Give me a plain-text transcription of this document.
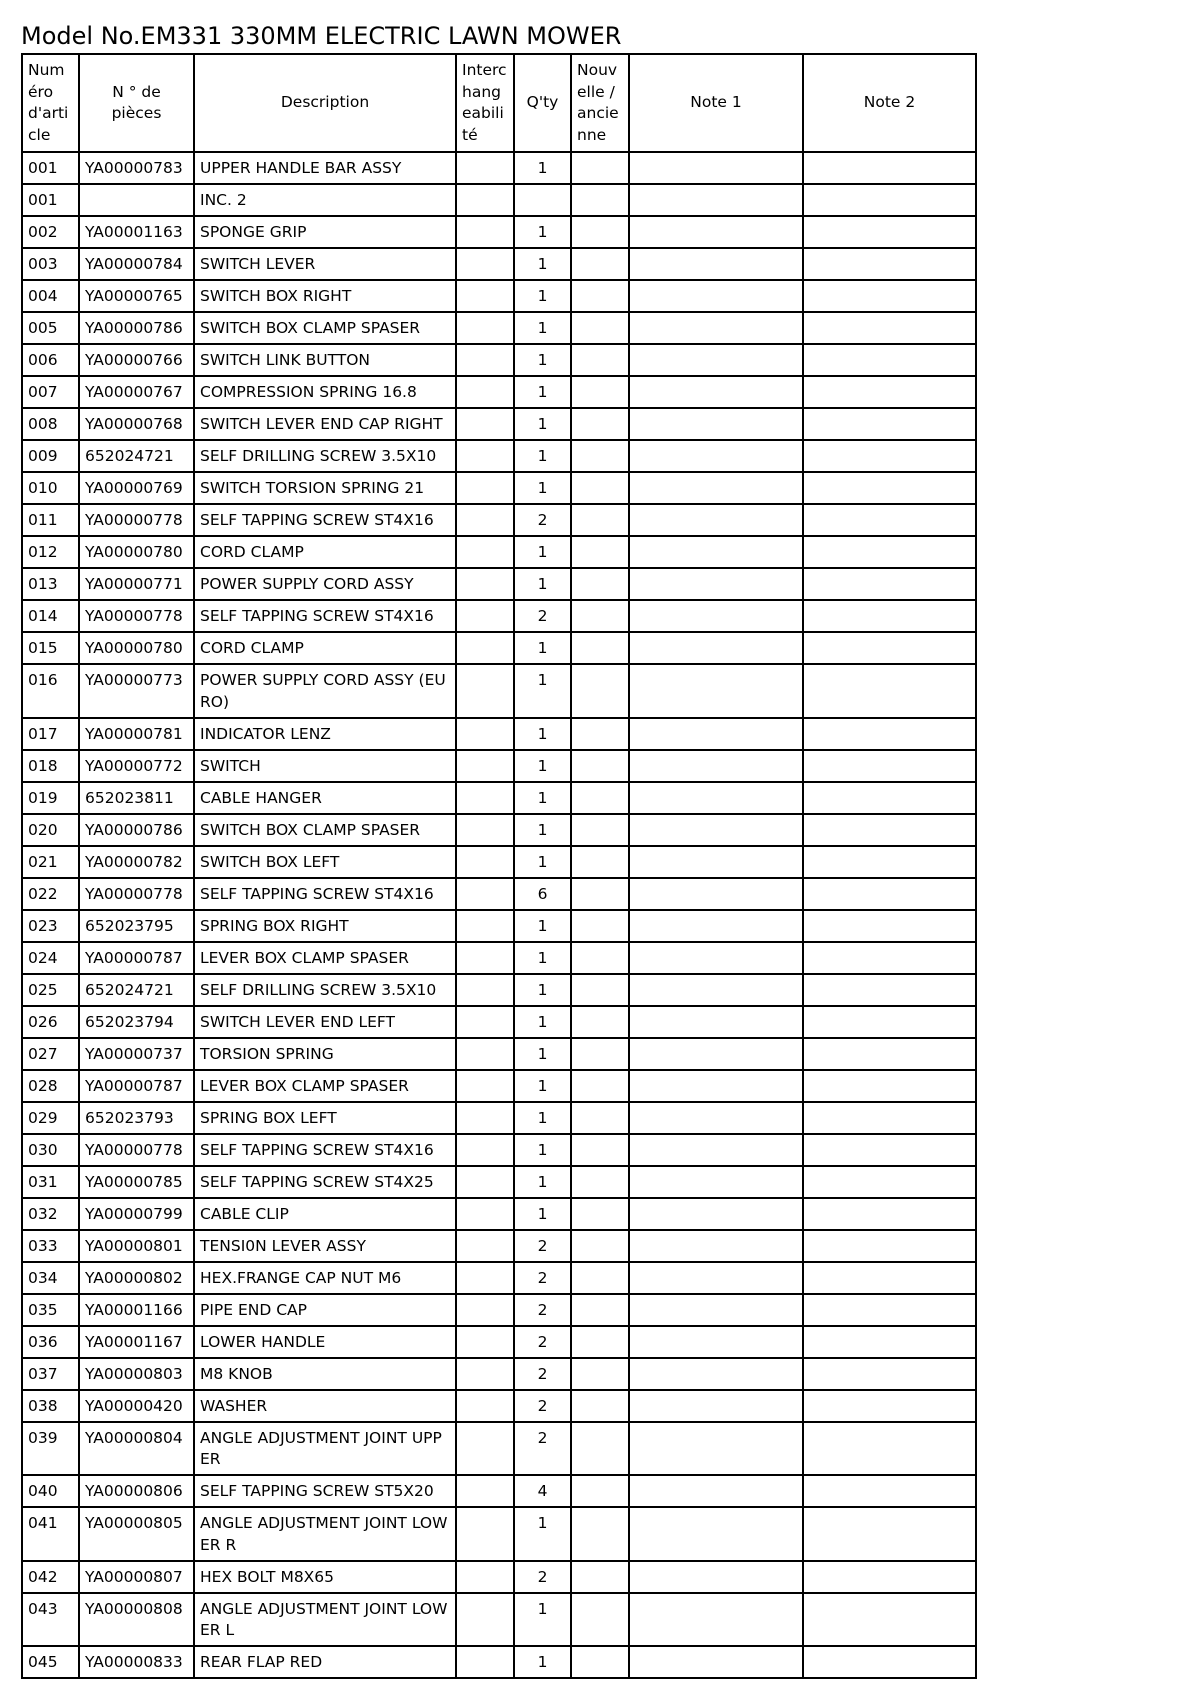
Model No.EM331 330MM ELECTRIC LAWN MOWER
Numéro d'article	N ° de pièces	Description	Interchangeabilité	Q'ty	Nouvelle / ancienne	Note 1	Note 2
001	YA00000783	UPPER HANDLE BAR ASSY		1			
001		INC. 2					
002	YA00001163	SPONGE GRIP		1			
003	YA00000784	SWITCH LEVER		1			
004	YA00000765	SWITCH BOX RIGHT		1			
005	YA00000786	SWITCH BOX CLAMP SPASER		1			
006	YA00000766	SWITCH LINK BUTTON		1			
007	YA00000767	COMPRESSION SPRING 16.8		1			
008	YA00000768	SWITCH LEVER END CAP RIGHT		1			
009	652024721	SELF DRILLING SCREW 3.5X10		1			
010	YA00000769	SWITCH TORSION SPRING 21		1			
011	YA00000778	SELF TAPPING SCREW ST4X16		2			
012	YA00000780	CORD CLAMP		1			
013	YA00000771	POWER SUPPLY CORD ASSY		1			
014	YA00000778	SELF TAPPING SCREW ST4X16		2			
015	YA00000780	CORD CLAMP		1			
016	YA00000773	POWER SUPPLY CORD ASSY (EURO)		1			
017	YA00000781	INDICATOR LENZ		1			
018	YA00000772	SWITCH		1			
019	652023811	CABLE HANGER		1			
020	YA00000786	SWITCH BOX CLAMP SPASER		1			
021	YA00000782	SWITCH BOX LEFT		1			
022	YA00000778	SELF TAPPING SCREW ST4X16		6			
023	652023795	SPRING BOX RIGHT		1			
024	YA00000787	LEVER BOX CLAMP SPASER		1			
025	652024721	SELF DRILLING SCREW 3.5X10		1			
026	652023794	SWITCH LEVER END LEFT		1			
027	YA00000737	TORSION SPRING		1			
028	YA00000787	LEVER BOX CLAMP SPASER		1			
029	652023793	SPRING BOX LEFT		1			
030	YA00000778	SELF TAPPING SCREW ST4X16		1			
031	YA00000785	SELF TAPPING SCREW ST4X25		1			
032	YA00000799	CABLE CLIP		1			
033	YA00000801	TENSI0N LEVER ASSY		2			
034	YA00000802	HEX.FRANGE CAP NUT M6		2			
035	YA00001166	PIPE END CAP		2			
036	YA00001167	LOWER HANDLE		2			
037	YA00000803	M8 KNOB		2			
038	YA00000420	WASHER		2			
039	YA00000804	ANGLE ADJUSTMENT JOINT UPPER		2			
040	YA00000806	SELF TAPPING SCREW ST5X20		4			
041	YA00000805	ANGLE ADJUSTMENT JOINT LOWER R		1			
042	YA00000807	HEX BOLT M8X65		2			
043	YA00000808	ANGLE ADJUSTMENT JOINT LOWER L		1			
045	YA00000833	REAR FLAP RED		1			
